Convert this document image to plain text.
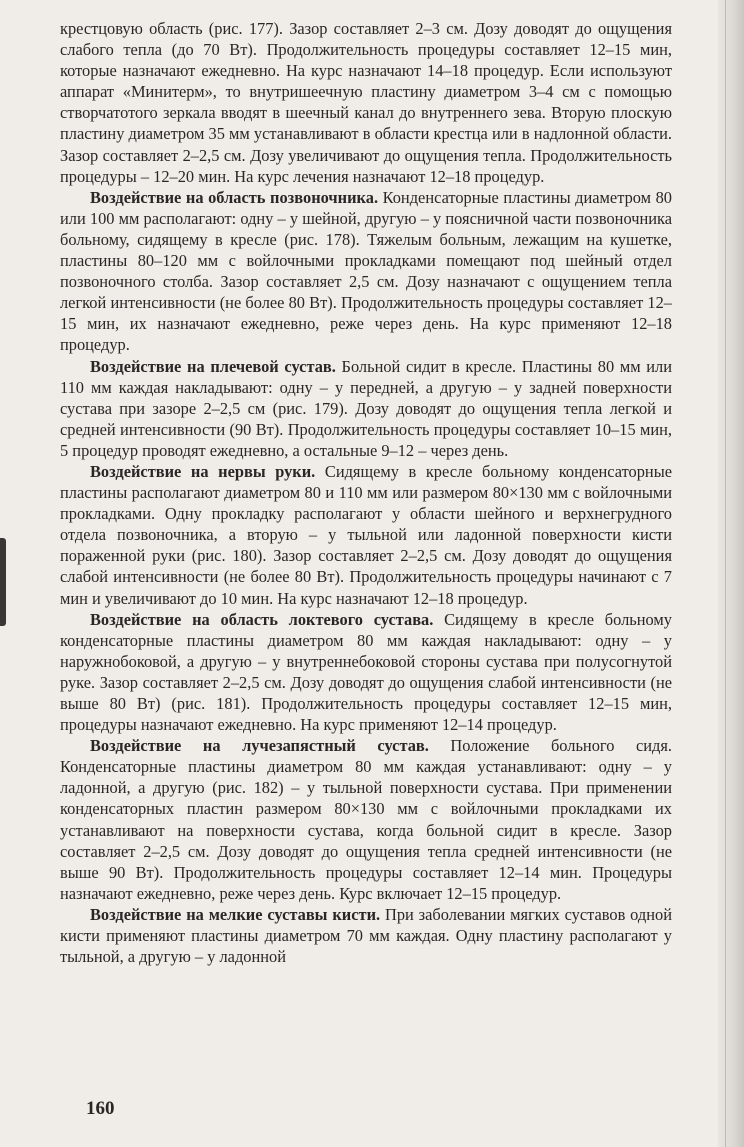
крестцовую область (рис. 177). Зазор составляет 2–3 см. Дозу доводят до ощущения слабого тепла (до 70 Вт). Продолжительность процедуры составляет 12–15 мин, которые назначают ежедневно. На курс назначают 14–18 процедур. Если используют аппарат «Минитерм», то внутришеечную пластину диаметром 3–4 см с помощью створчатотого зеркала вводят в шеечный канал до внутреннего зева. Вторую плоскую пластину диаметром 35 мм устанавливают в области крестца или в надлонной области. Зазор составляет 2–2,5 см. Дозу увеличивают до ощущения тепла. Продолжительность процедуры – 12–20 мин. На курс лечения назначают 12–18 процедур.

Воздействие на область позвоночника. Конденсаторные пластины диаметром 80 или 100 мм располагают: одну – у шейной, другую – у поясничной части позвоночника больному, сидящему в кресле (рис. 178). Тяжелым больным, лежащим на кушетке, пластины 80–120 мм с войлочными прокладками помещают под шейный отдел позвоночного столба. Зазор составляет 2,5 см. Дозу назначают с ощущением тепла легкой интенсивности (не более 80 Вт). Продолжительность процедуры составляет 12–15 мин, их назначают ежедневно, реже через день. На курс применяют 12–18 процедур.

Воздействие на плечевой сустав. Больной сидит в кресле. Пластины 80 мм или 110 мм каждая накладывают: одну – у передней, а другую – у задней поверхности сустава при зазоре 2–2,5 см (рис. 179). Дозу доводят до ощущения тепла легкой и средней интенсивности (90 Вт). Продолжительность процедуры составляет 10–15 мин, 5 процедур проводят ежедневно, а остальные 9–12 – через день.

Воздействие на нервы руки. Сидящему в кресле больному конденсаторные пластины располагают диаметром 80 и 110 мм или размером 80×130 мм с войлочными прокладками. Одну прокладку располагают у области шейного и верхнегрудного отдела позвоночника, а вторую – у тыльной или ладонной поверхности кисти пораженной руки (рис. 180). Зазор составляет 2–2,5 см. Дозу доводят до ощущения слабой интенсивности (не более 80 Вт). Продолжительность процедуры начинают с 7 мин и увеличивают до 10 мин. На курс назначают 12–18 процедур.

Воздействие на область локтевого сустава. Сидящему в кресле больному конденсаторные пластины диаметром 80 мм каждая накладывают: одну – у наружнобоковой, а другую – у внутреннебоковой стороны сустава при полусогнутой руке. Зазор составляет 2–2,5 см. Дозу доводят до ощущения слабой интенсивности (не выше 80 Вт) (рис. 181). Продолжительность процедуры составляет 12–15 мин, процедуры назначают ежедневно. На курс применяют 12–14 процедур.

Воздействие на лучезапястный сустав. Положение больного сидя. Конденсаторные пластины диаметром 80 мм каждая устанавливают: одну – у ладонной, а другую (рис. 182) – у тыльной поверхности сустава. При применении конденсаторных пластин размером 80×130 мм с войлочными прокладками их устанавливают на поверхности сустава, когда больной сидит в кресле. Зазор составляет 2–2,5 см. Дозу доводят до ощущения тепла средней интенсивности (не выше 90 Вт). Продолжительность процедуры составляет 12–14 мин. Процедуры назначают ежедневно, реже через день. Курс включает 12–15 процедур.

Воздействие на мелкие суставы кисти. При заболевании мягких суставов одной кисти применяют пластины диаметром 70 мм каждая. Одну пластину располагают у тыльной, а другую – у ладонной

160
